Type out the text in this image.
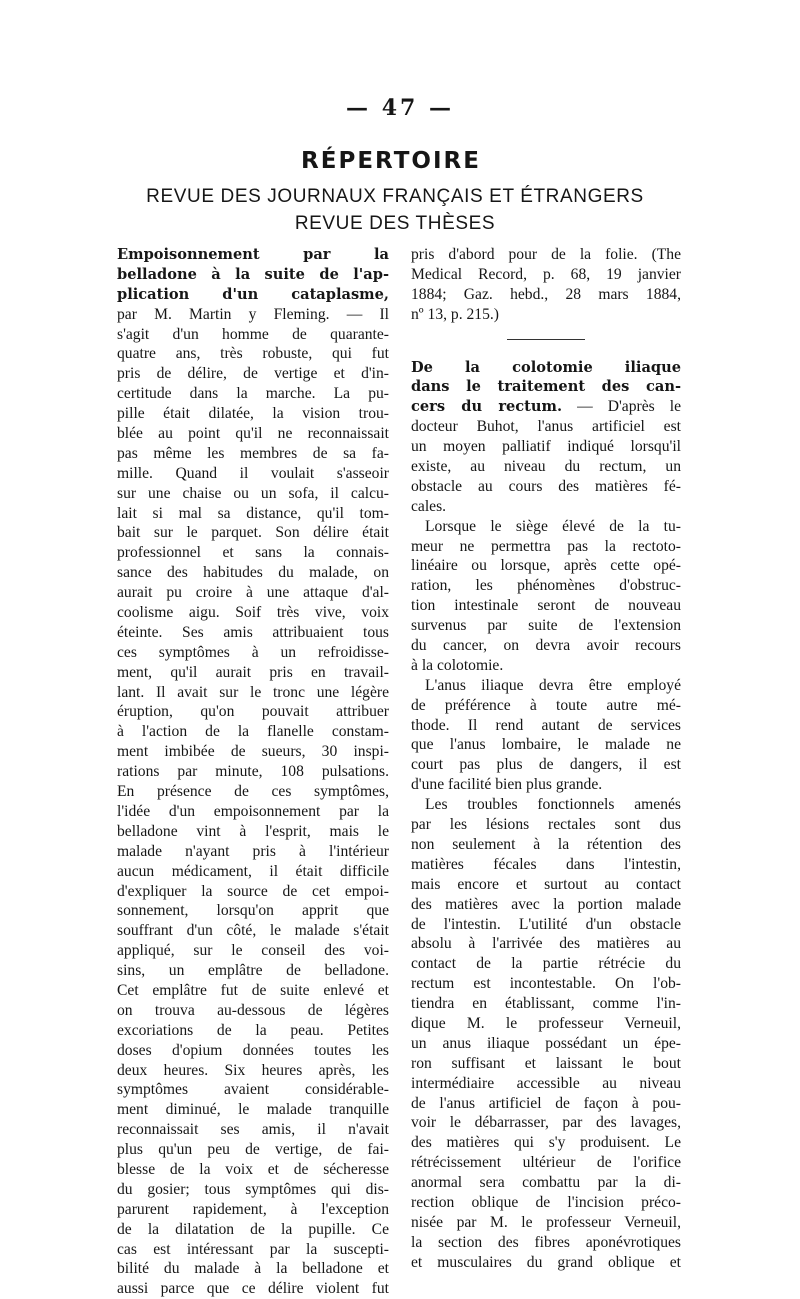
— 47 —
RÉPERTOIRE
REVUE DES JOURNAUX FRANÇAIS ET ÉTRANGERS
REVUE DES THÈSES
Empoisonnement par la
belladone à la suite de l'ap-
plication d'un cataplasme,
par M. Martin y Fleming. — Il
s'agit d'un homme de quarante-
quatre ans, très robuste, qui fut
pris de délire, de vertige et d'in-
certitude dans la marche. La pu-
pille était dilatée, la vision trou-
blée au point qu'il ne reconnaissait
pas même les membres de sa fa-
mille. Quand il voulait s'asseoir
sur une chaise ou un sofa, il calcu-
lait si mal sa distance, qu'il tom-
bait sur le parquet. Son délire était
professionnel et sans la connais-
sance des habitudes du malade, on
aurait pu croire à une attaque d'al-
coolisme aigu. Soif très vive, voix
éteinte. Ses amis attribuaient tous
ces symptômes à un refroidisse-
ment, qu'il aurait pris en travail-
lant. Il avait sur le tronc une légère
éruption, qu'on pouvait attribuer
à l'action de la flanelle constam-
ment imbibée de sueurs, 30 inspi-
rations par minute, 108 pulsations.
En présence de ces symptômes,
l'idée d'un empoisonnement par la
belladone vint à l'esprit, mais le
malade n'ayant pris à l'intérieur
aucun médicament, il était difficile
d'expliquer la source de cet empoi-
sonnement, lorsqu'on apprit que
souffrant d'un côté, le malade s'était
appliqué, sur le conseil des voi-
sins, un emplâtre de belladone.
Cet emplâtre fut de suite enlevé et
on trouva au-dessous de légères
excoriations de la peau. Petites
doses d'opium données toutes les
deux heures. Six heures après, les
symptômes avaient considérable-
ment diminué, le malade tranquille
reconnaissait ses amis, il n'avait
plus qu'un peu de vertige, de fai-
blesse de la voix et de sécheresse
du gosier; tous symptômes qui dis-
parurent rapidement, à l'exception
de la dilatation de la pupille. Ce
cas est intéressant par la suscepti-
bilité du malade à la belladone et
aussi parce que ce délire violent fut
pris d'abord pour de la folie. (The
Medical Record, p. 68, 19 janvier
1884; Gaz. hebd., 28 mars 1884,
nº 13, p. 215.)
De la colotomie iliaque
dans le traitement des can-
cers du rectum. — D'après le
docteur Buhot, l'anus artificiel est
un moyen palliatif indiqué lorsqu'il
existe, au niveau du rectum, un
obstacle au cours des matières fé-
cales.
Lorsque le siège élevé de la tu-
meur ne permettra pas la rectoto-
linéaire ou lorsque, après cette opé-
ration, les phénomènes d'obstruc-
tion intestinale seront de nouveau
survenus par suite de l'extension
du cancer, on devra avoir recours
à la colotomie.
L'anus iliaque devra être employé
de préférence à toute autre mé-
thode. Il rend autant de services
que l'anus lombaire, le malade ne
court pas plus de dangers, il est
d'une facilité bien plus grande.
Les troubles fonctionnels amenés
par les lésions rectales sont dus
non seulement à la rétention des
matières fécales dans l'intestin,
mais encore et surtout au contact
des matières avec la portion malade
de l'intestin. L'utilité d'un obstacle
absolu à l'arrivée des matières au
contact de la partie rétrécie du
rectum est incontestable. On l'ob-
tiendra en établissant, comme l'in-
dique M. le professeur Verneuil,
un anus iliaque possédant un épe-
ron suffisant et laissant le bout
intermédiaire accessible au niveau
de l'anus artificiel de façon à pou-
voir le débarrasser, par des lavages,
des matières qui s'y produisent. Le
rétrécissement ultérieur de l'orifice
anormal sera combattu par la di-
rection oblique de l'incision préco-
nisée par M. le professeur Verneuil,
la section des fibres aponévrotiques
et musculaires du grand oblique et
